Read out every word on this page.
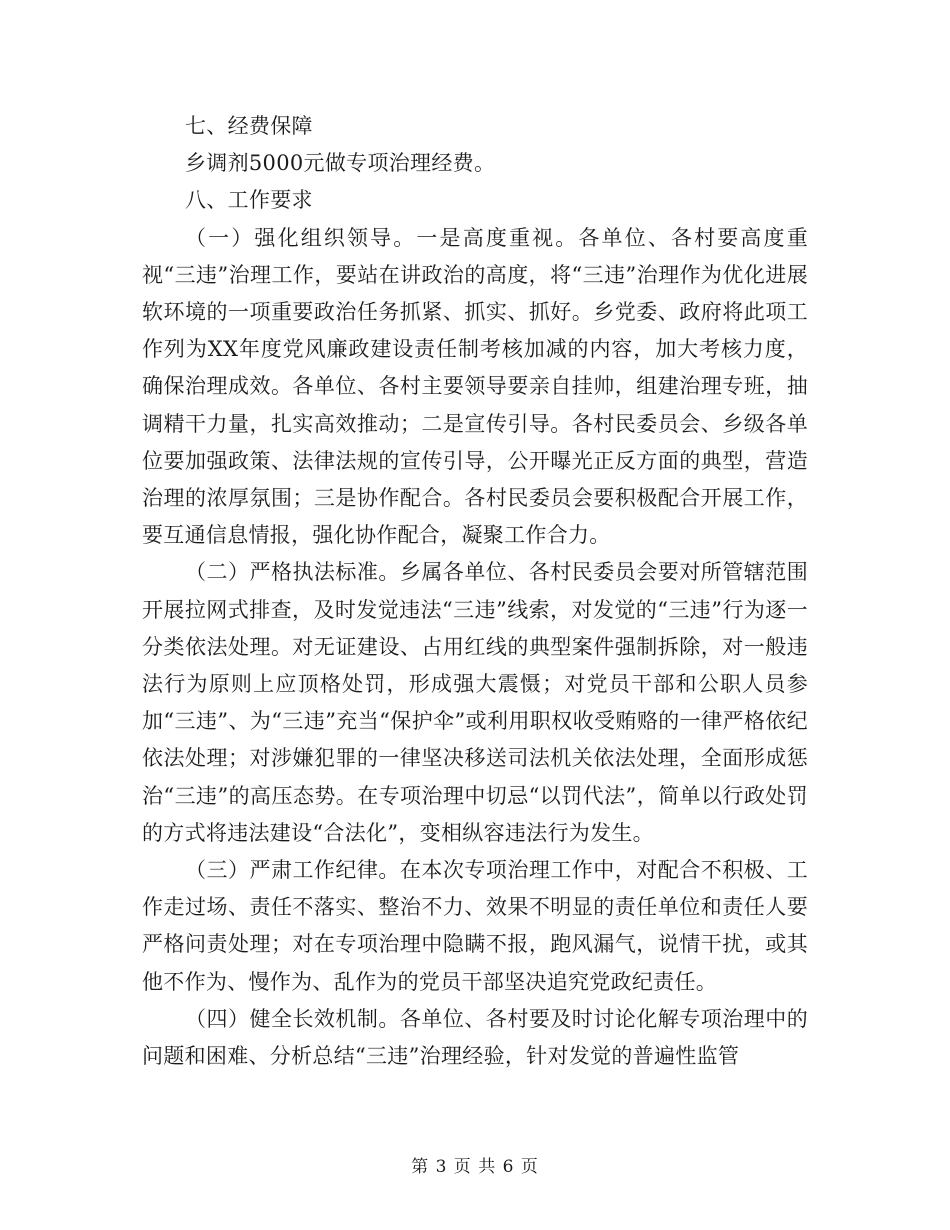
七、经费保障

乡调剂5000元做专项治理经费。

八、工作要求

（一）强化组织领导。一是高度重视。各单位、各村要高度重视“三违”治理工作，要站在讲政治的高度，将“三违”治理作为优化进展软环境的一项重要政治任务抓紧、抓实、抓好。乡党委、政府将此项工作列为XX年度党风廉政建设责任制考核加减的内容，加大考核力度，确保治理成效。各单位、各村主要领导要亲自挂帅，组建治理专班，抽调精干力量，扎实高效推动；二是宣传引导。各村民委员会、乡级各单位要加强政策、法律法规的宣传引导，公开曝光正反方面的典型，营造治理的浓厚氛围；三是协作配合。各村民委员会要积极配合开展工作，要互通信息情报，强化协作配合，凝聚工作合力。

（二）严格执法标准。乡属各单位、各村民委员会要对所管辖范围开展拉网式排查，及时发觉违法“三违”线索，对发觉的“三违”行为逐一分类依法处理。对无证建设、占用红线的典型案件强制拆除，对一般违法行为原则上应顶格处罚，形成强大震慑；对党员干部和公职人员参加“三违”、为“三违”充当“保护伞”或利用职权收受贿赂的一律严格依纪依法处理；对涉嫌犯罪的一律坚决移送司法机关依法处理，全面形成惩治“三违”的高压态势。在专项治理中切忌“以罚代法”，简单以行政处罚的方式将违法建设“合法化”，变相纵容违法行为发生。

（三）严肃工作纪律。在本次专项治理工作中，对配合不积极、工作走过场、责任不落实、整治不力、效果不明显的责任单位和责任人要严格问责处理；对在专项治理中隐瞒不报，跑风漏气，说情干扰，或其他不作为、慢作为、乱作为的党员干部坚决追究党政纪责任。

（四）健全长效机制。各单位、各村要及时讨论化解专项治理中的问题和困难、分析总结“三违”治理经验，针对发觉的普遍性监管

第 3 页 共 6 页
